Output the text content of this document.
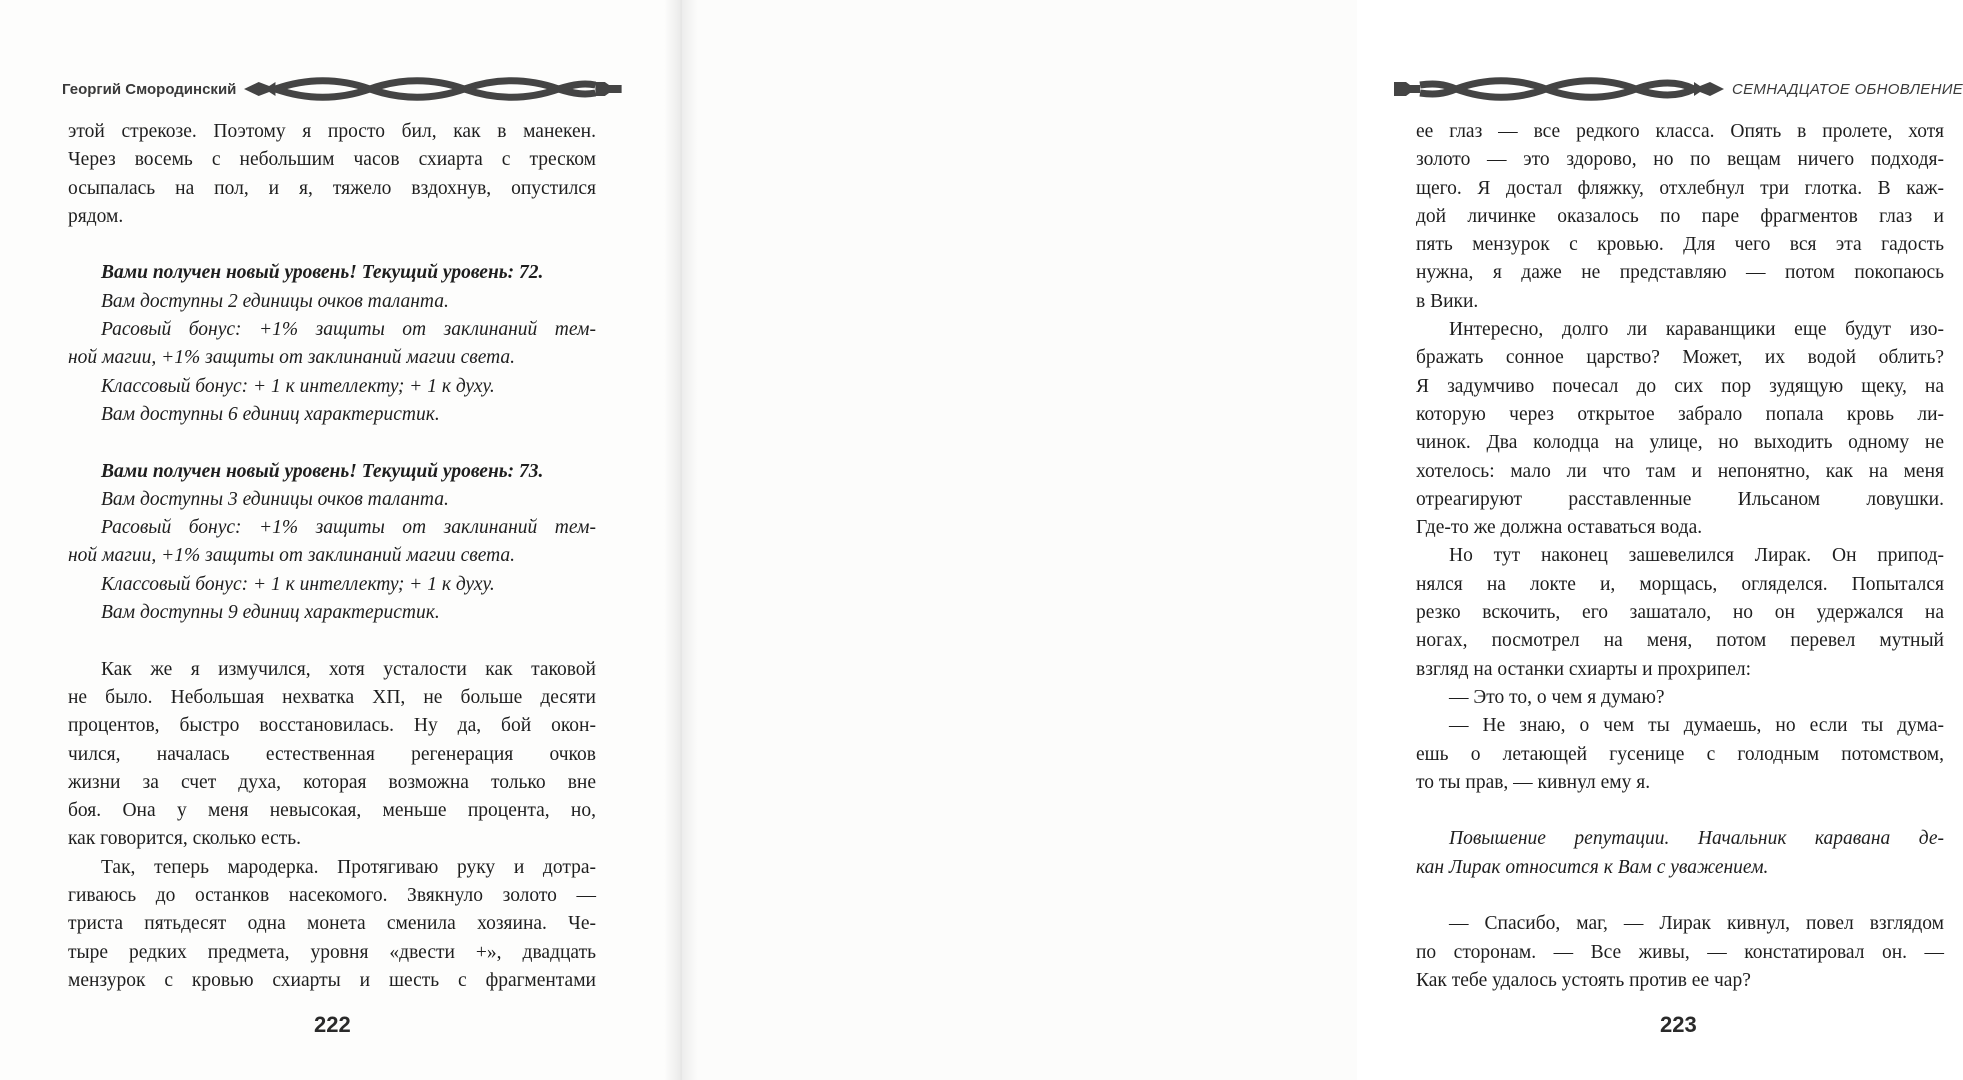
Георгий Смородинский
этой стрекозе. Поэтому я просто бил, как в манекен.
Через восемь с небольшим часов схиарта с треском
осыпалась на пол, и я, тяжело вздохнув, опустился
рядом.
Вами получен новый уровень! Текущий уровень: 72.
Вам доступны 2 единицы очков таланта.
Расовый бонус: +1% защиты от заклинаний тем-
ной магии, +1% защиты от заклинаний магии света.
Классовый бонус: + 1 к интеллекту; + 1 к духу.
Вам доступны 6 единиц характеристик.
Вами получен новый уровень! Текущий уровень: 73.
Вам доступны 3 единицы очков таланта.
Расовый бонус: +1% защиты от заклинаний тем-
ной магии, +1% защиты от заклинаний магии света.
Классовый бонус: + 1 к интеллекту; + 1 к духу.
Вам доступны 9 единиц характеристик.
Как же я измучился, хотя усталости как таковой
не было. Небольшая нехватка ХП, не больше десяти
процентов, быстро восстановилась. Ну да, бой окон-
чился, началась естественная регенерация очков
жизни за счет духа, которая возможна только вне
боя. Она у меня невысокая, меньше процента, но,
как говорится, сколько есть.
Так, теперь мародерка. Протягиваю руку и дотра-
гиваюсь до останков насекомого. Звякнуло золото —
триста пятьдесят одна монета сменила хозяина. Че-
тыре редких предмета, уровня «двести +», двадцать
мензурок с кровью схиарты и шесть с фрагментами
222
СЕМНАДЦАТОЕ ОБНОВЛЕНИЕ
ее глаз — все редкого класса. Опять в пролете, хотя
золото — это здорово, но по вещам ничего подходя-
щего. Я достал фляжку, отхлебнул три глотка. В каж-
дой личинке оказалось по паре фрагментов глаз и
пять мензурок с кровью. Для чего вся эта гадость
нужна, я даже не представляю — потом покопаюсь
в Вики.
Интересно, долго ли караванщики еще будут изо-
бражать сонное царство? Может, их водой облить?
Я задумчиво почесал до сих пор зудящую щеку, на
которую через открытое забрало попала кровь ли-
чинок. Два колодца на улице, но выходить одному не
хотелось: мало ли что там и непонятно, как на меня
отреагируют расставленные Ильсаном ловушки.
Где-то же должна оставаться вода.
Но тут наконец зашевелился Лирак. Он припод-
нялся на локте и, морщась, огляделся. Попытался
резко вскочить, его зашатало, но он удержался на
ногах, посмотрел на меня, потом перевел мутный
взгляд на останки схиарты и прохрипел:
— Это то, о чем я думаю?
— Не знаю, о чем ты думаешь, но если ты дума-
ешь о летающей гусенице с голодным потомством,
то ты прав, — кивнул ему я.
Повышение репутации. Начальник каравана де-
кан Лирак относится к Вам с уважением.
— Спасибо, маг, — Лирак кивнул, повел взглядом
по сторонам. — Все живы, — констатировал он. —
Как тебе удалось устоять против ее чар?
223
